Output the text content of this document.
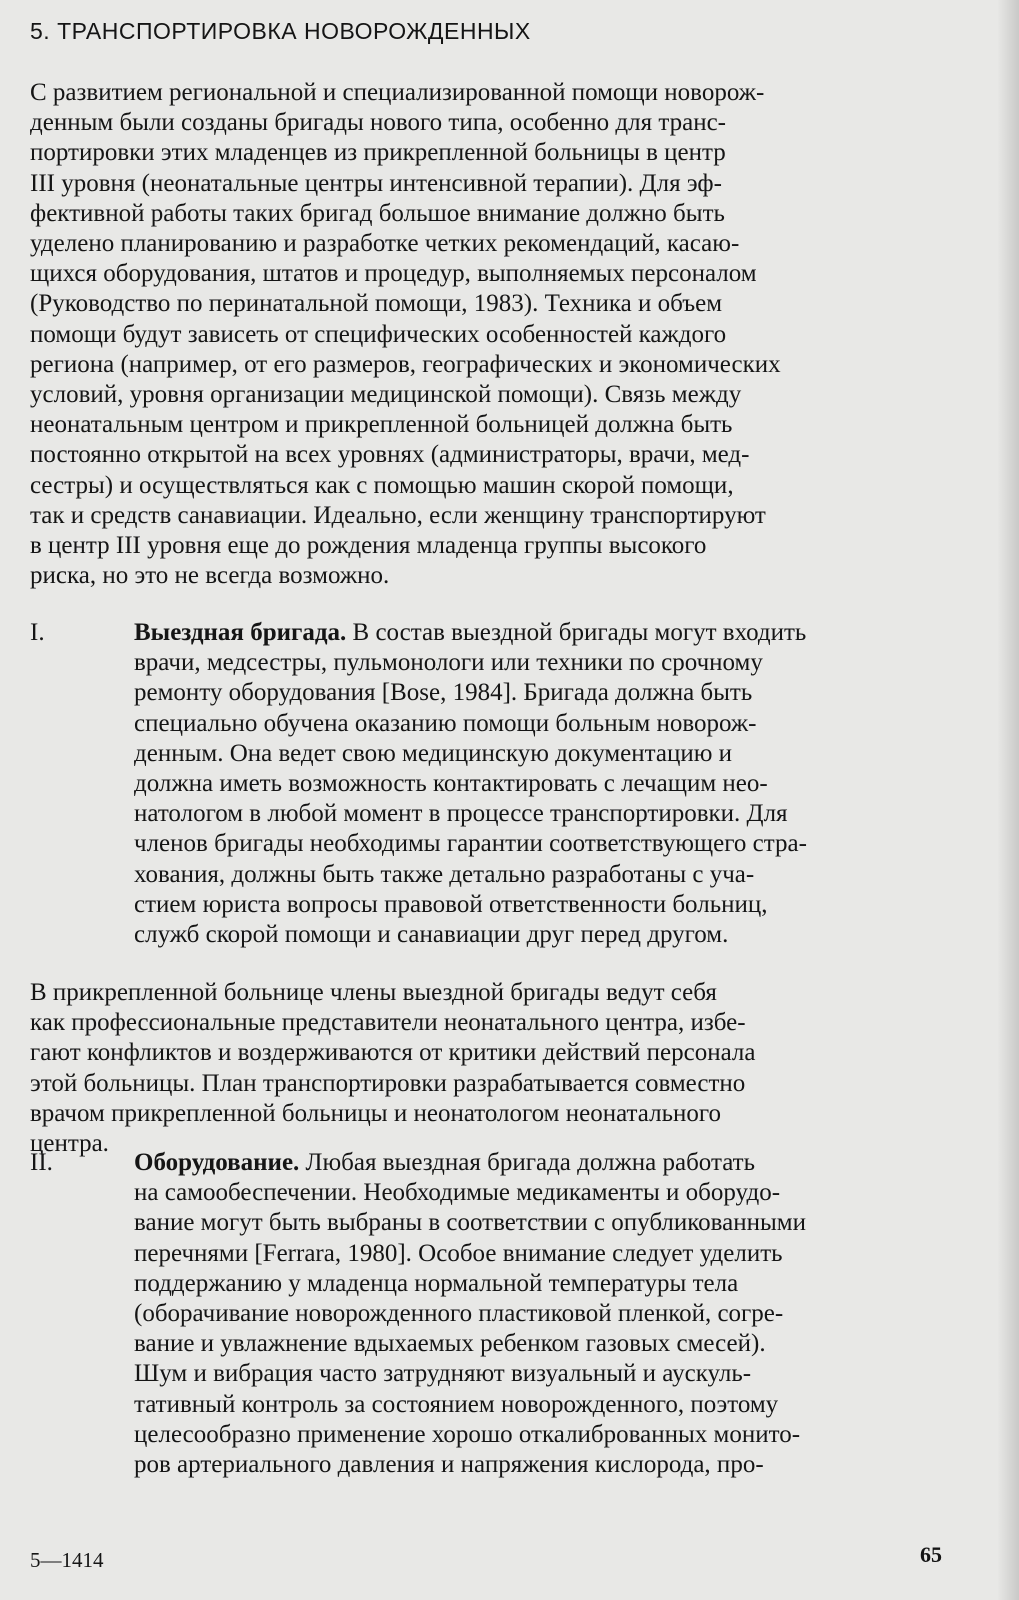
5. ТРАНСПОРТИРОВКА НОВОРОЖДЕННЫХ

С развитием региональной и специализированной помощи новорож-
денным были созданы бригады нового типа, особенно для транс-
портировки этих младенцев из прикрепленной больницы в центр
III уровня (неонатальные центры интенсивной терапии). Для эф-
фективной работы таких бригад большое внимание должно быть
уделено планированию и разработке четких рекомендаций, касаю-
щихся оборудования, штатов и процедур, выполняемых персоналом
(Руководство по перинатальной помощи, 1983). Техника и объем
помощи будут зависеть от специфических особенностей каждого
региона (например, от его размеров, географических и экономических
условий, уровня организации медицинской помощи). Связь между
неонатальным центром и прикрепленной больницей должна быть
постоянно открытой на всех уровнях (администраторы, врачи, мед-
сестры) и осуществляться как с помощью машин скорой помощи,
так и средств санавиации. Идеально, если женщину транспортируют
в центр III уровня еще до рождения младенца группы высокого
риска, но это не всегда возможно.

I.	Выездная бригада. В состав выездной бригады могут входить
врачи, медсестры, пульмонологи или техники по срочному
ремонту оборудования [Bose, 1984]. Бригада должна быть
специально обучена оказанию помощи больным новорож-
денным. Она ведет свою медицинскую документацию и
должна иметь возможность контактировать с лечащим нео-
натологом в любой момент в процессе транспортировки. Для
членов бригады необходимы гарантии соответствующего стра-
хования, должны быть также детально разработаны с уча-
стием юриста вопросы правовой ответственности больниц,
служб скорой помощи и санавиации друг перед другом.

В прикрепленной больнице члены выездной бригады ведут себя
как профессиональные представители неонатального центра, избе-
гают конфликтов и воздерживаются от критики действий персонала
этой больницы. План транспортировки разрабатывается совместно
врачом прикрепленной больницы и неонатологом неонатального
центра.

II.	Оборудование. Любая выездная бригада должна работать
на самообеспечении. Необходимые медикаменты и оборудо-
вание могут быть выбраны в соответствии с опубликованными
перечнями [Ferrara, 1980]. Особое внимание следует уделить
поддержанию у младенца нормальной температуры тела
(оборачивание новорожденного пластиковой пленкой, согре-
вание и увлажнение вдыхаемых ребенком газовых смесей).
Шум и вибрация часто затрудняют визуальный и аускуль-
тативный контроль за состоянием новорожденного, поэтому
целесообразно применение хорошо откалиброванных монито-
ров артериального давления и напряжения кислорода, про-

5—1414	65
